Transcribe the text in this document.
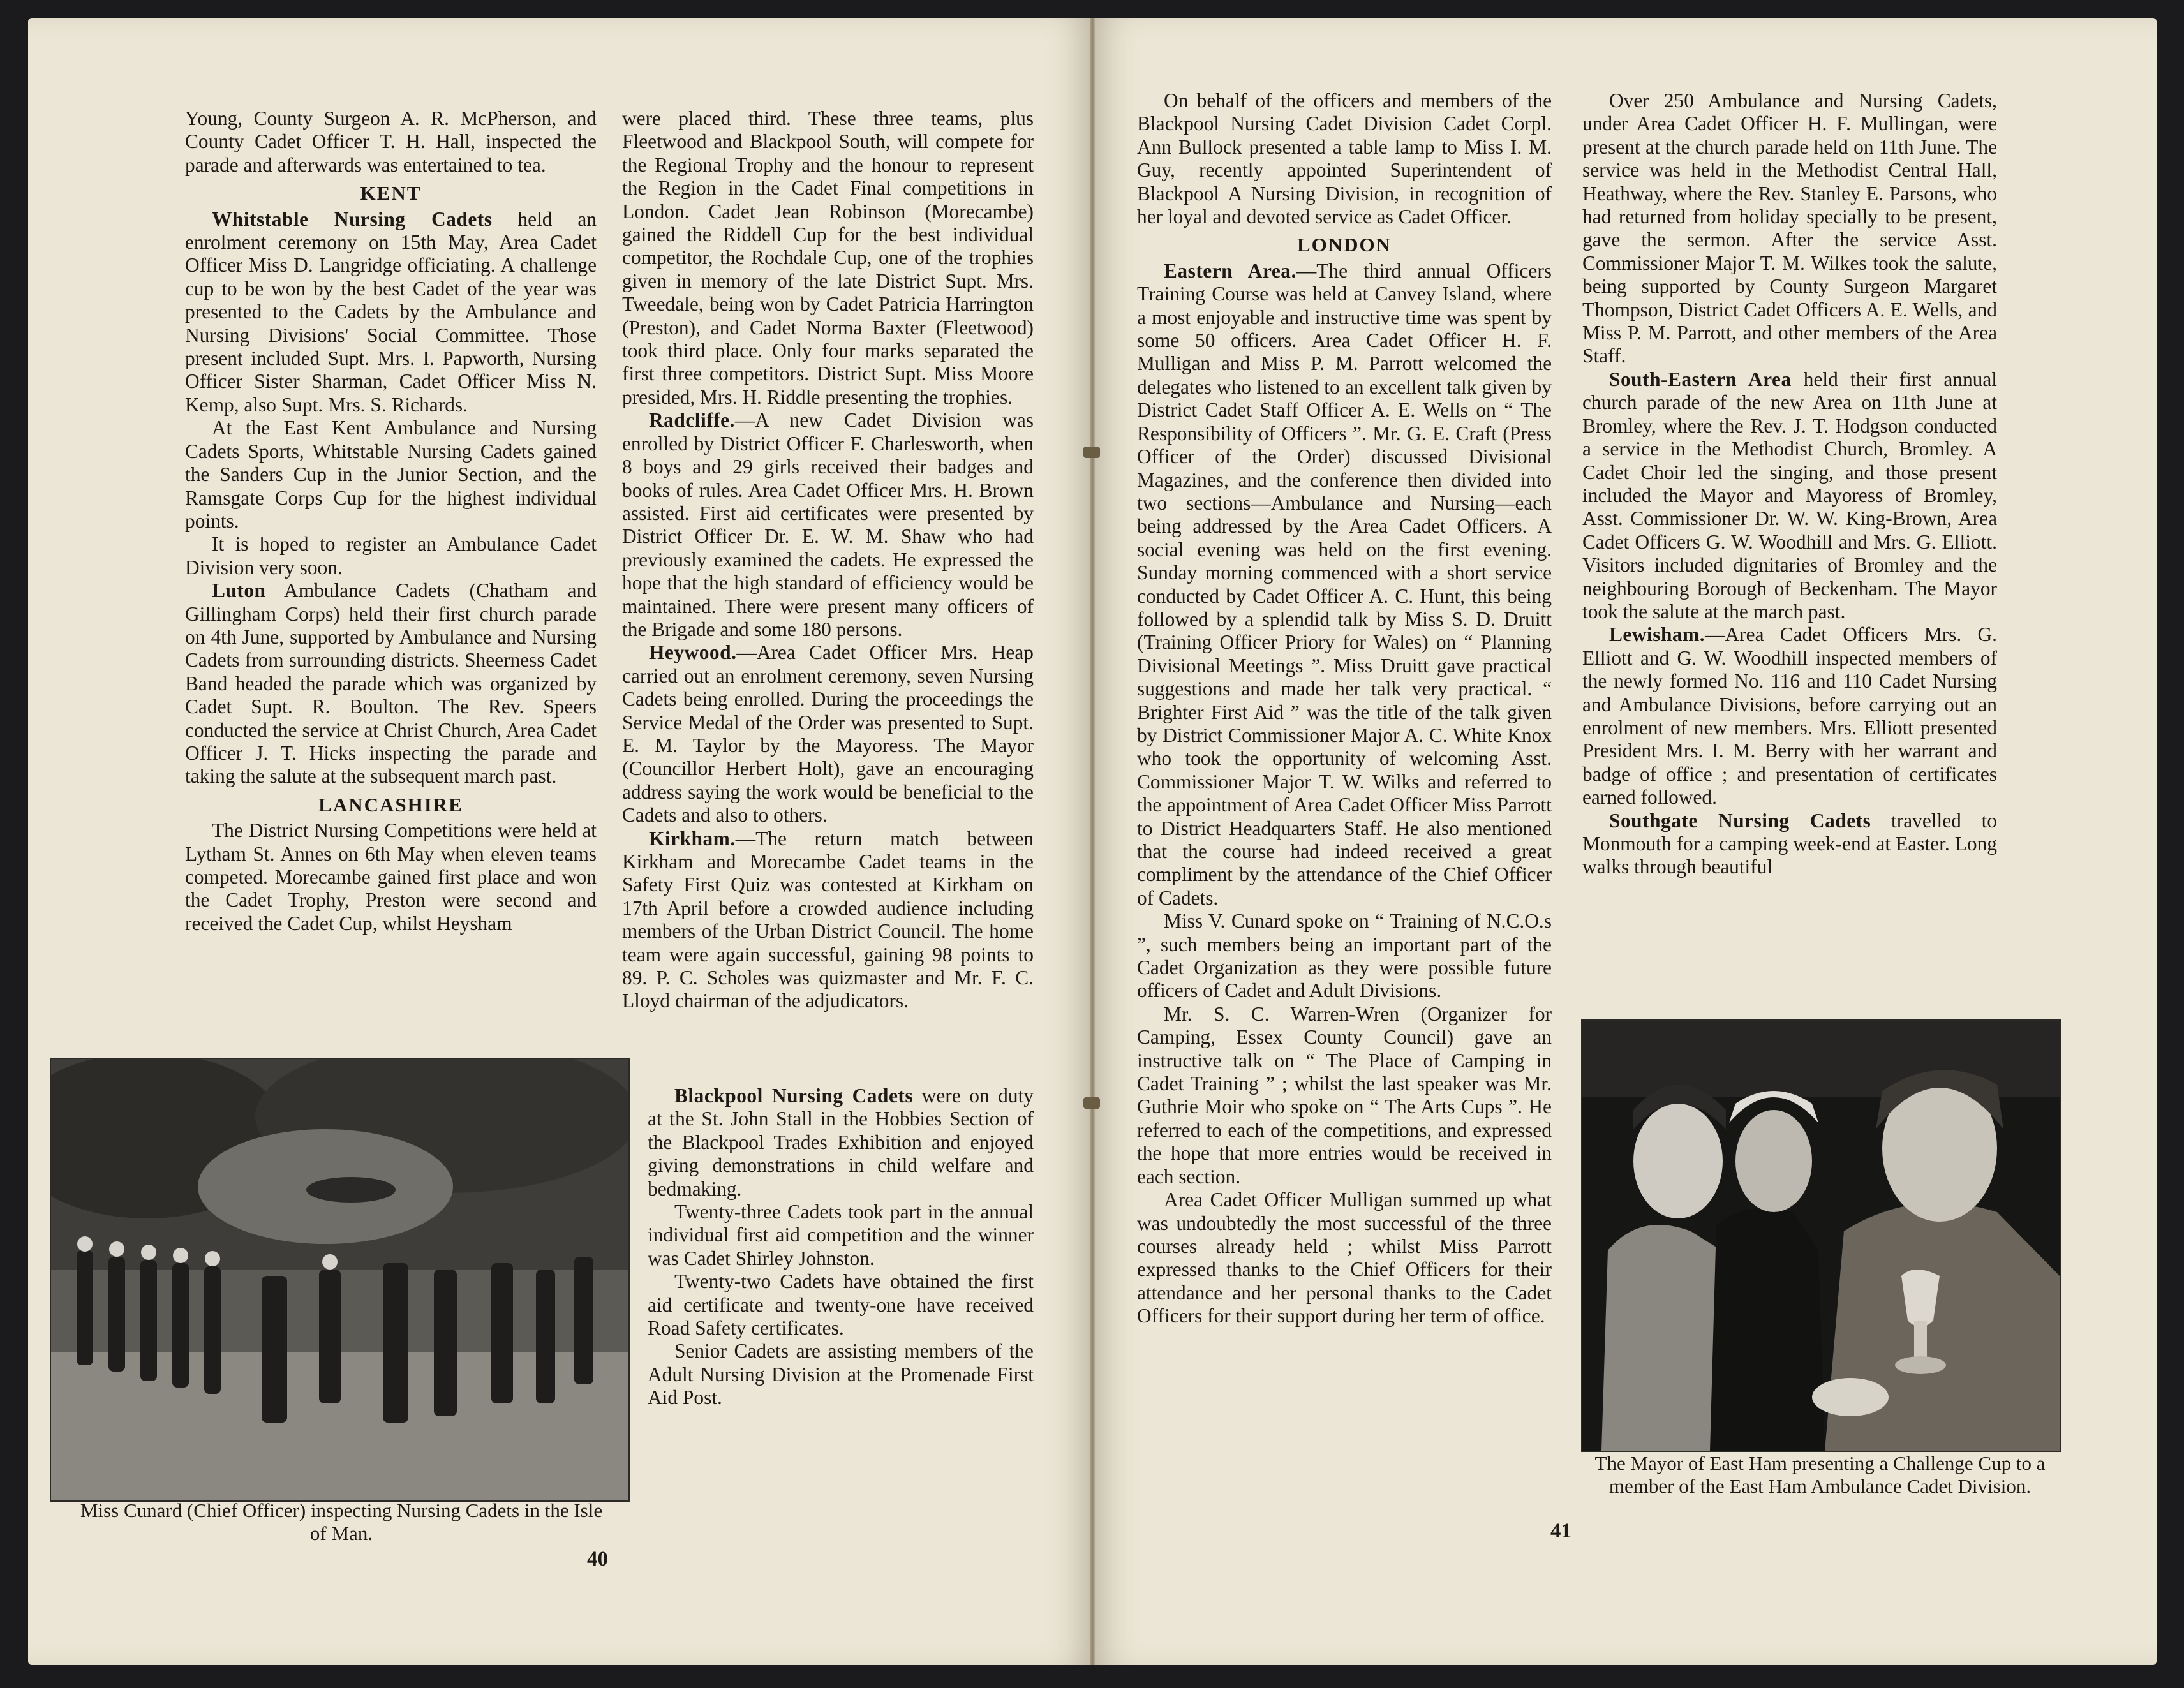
Young, County Surgeon A. R. McPherson, and County Cadet Officer T. H. Hall, inspected the parade and afterwards was entertained to tea.

KENT

Whitstable Nursing Cadets held an enrolment ceremony on 15th May, Area Cadet Officer Miss D. Langridge officiating. A challenge cup to be won by the best Cadet of the year was presented to the Cadets by the Ambulance and Nursing Divisions' Social Committee. Those present included Supt. Mrs. I. Papworth, Nursing Officer Sister Sharman, Cadet Officer Miss N. Kemp, also Supt. Mrs. S. Richards.

At the East Kent Ambulance and Nursing Cadets Sports, Whitstable Nursing Cadets gained the Sanders Cup in the Junior Section, and the Ramsgate Corps Cup for the highest individual points.

It is hoped to register an Ambulance Cadet Division very soon.

Luton Ambulance Cadets (Chatham and Gillingham Corps) held their first church parade on 4th June, supported by Ambulance and Nursing Cadets from surrounding districts. Sheerness Cadet Band headed the parade which was organized by Cadet Supt. R. Boulton. The Rev. Speers conducted the service at Christ Church, Area Cadet Officer J. T. Hicks inspecting the parade and taking the salute at the subsequent march past.

LANCASHIRE

The District Nursing Competitions were held at Lytham St. Annes on 6th May when eleven teams competed. Morecambe gained first place and won the Cadet Trophy, Preston were second and received the Cadet Cup, whilst Heysham

were placed third. These three teams, plus Fleetwood and Blackpool South, will compete for the Regional Trophy and the honour to represent the Region in the Cadet Final competitions in London. Cadet Jean Robinson (Morecambe) gained the Riddell Cup for the best individual competitor, the Rochdale Cup, one of the trophies given in memory of the late District Supt. Mrs. Tweedale, being won by Cadet Patricia Harrington (Preston), and Cadet Norma Baxter (Fleetwood) took third place. Only four marks separated the first three competitors. District Supt. Miss Moore presided, Mrs. H. Riddle presenting the trophies.

Radcliffe.—A new Cadet Division was enrolled by District Officer F. Charlesworth, when 8 boys and 29 girls received their badges and books of rules. Area Cadet Officer Mrs. H. Brown assisted. First aid certificates were presented by District Officer Dr. E. W. M. Shaw who had previously examined the cadets. He expressed the hope that the high standard of efficiency would be maintained. There were present many officers of the Brigade and some 180 persons.

Heywood.—Area Cadet Officer Mrs. Heap carried out an enrolment ceremony, seven Nursing Cadets being enrolled. During the proceedings the Service Medal of the Order was presented to Supt. E. M. Taylor by the Mayoress. The Mayor (Councillor Herbert Holt), gave an encouraging address saying the work would be beneficial to the Cadets and also to others.

Kirkham.—The return match between Kirkham and Morecambe Cadet teams in the Safety First Quiz was contested at Kirkham on 17th April before a crowded audience including members of the Urban District Council. The home team were again successful, gaining 98 points to 89. P. C. Scholes was quizmaster and Mr. F. C. Lloyd chairman of the adjudicators.

Blackpool Nursing Cadets were on duty at the St. John Stall in the Hobbies Section of the Blackpool Trades Exhibition and enjoyed giving demonstrations in child welfare and bedmaking.

Twenty-three Cadets took part in the annual individual first aid competition and the winner was Cadet Shirley Johnston.

Twenty-two Cadets have obtained the first aid certificate and twenty-one have received Road Safety certificates.

Senior Cadets are assisting members of the Adult Nursing Division at the Promenade First Aid Post.

Miss Cunard (Chief Officer) inspecting Nursing Cadets in the Isle of Man.
40

On behalf of the officers and members of the Blackpool Nursing Cadet Division Cadet Corpl. Ann Bullock presented a table lamp to Miss I. M. Guy, recently appointed Superintendent of Blackpool A Nursing Division, in recognition of her loyal and devoted service as Cadet Officer.

LONDON

Eastern Area.—The third annual Officers Training Course was held at Canvey Island, where a most enjoyable and instructive time was spent by some 50 officers. Area Cadet Officer H. F. Mulligan and Miss P. M. Parrott welcomed the delegates who listened to an excellent talk given by District Cadet Staff Officer A. E. Wells on “ The Responsibility of Officers ”. Mr. G. E. Craft (Press Officer of the Order) discussed Divisional Magazines, and the conference then divided into two sections—Ambulance and Nursing—each being addressed by the Area Cadet Officers. A social evening was held on the first evening. Sunday morning commenced with a short service conducted by Cadet Officer A. C. Hunt, this being followed by a splendid talk by Miss S. D. Druitt (Training Officer Priory for Wales) on “ Planning Divisional Meetings ”. Miss Druitt gave practical suggestions and made her talk very practical. “ Brighter First Aid ” was the title of the talk given by District Commissioner Major A. C. White Knox who took the opportunity of welcoming Asst. Commissioner Major T. W. Wilks and referred to the appointment of Area Cadet Officer Miss Parrott to District Headquarters Staff. He also mentioned that the course had indeed received a great compliment by the attendance of the Chief Officer of Cadets.

Miss V. Cunard spoke on “ Training of N.C.O.s ”, such members being an important part of the Cadet Organization as they were possible future officers of Cadet and Adult Divisions.

Mr. S. C. Warren-Wren (Organizer for Camping, Essex County Council) gave an instructive talk on “ The Place of Camping in Cadet Training ” ; whilst the last speaker was Mr. Guthrie Moir who spoke on “ The Arts Cups ”. He referred to each of the competitions, and expressed the hope that more entries would be received in each section.

Area Cadet Officer Mulligan summed up what was undoubtedly the most successful of the three courses already held ; whilst Miss Parrott expressed thanks to the Chief Officers for their attendance and her personal thanks to the Cadet Officers for their support during her term of office.

Over 250 Ambulance and Nursing Cadets, under Area Cadet Officer H. F. Mullingan, were present at the church parade held on 11th June. The service was held in the Methodist Central Hall, Heathway, where the Rev. Stanley E. Parsons, who had returned from holiday specially to be present, gave the sermon. After the service Asst. Commissioner Major T. M. Wilkes took the salute, being supported by County Surgeon Margaret Thompson, District Cadet Officers A. E. Wells, and Miss P. M. Parrott, and other members of the Area Staff.

South-Eastern Area held their first annual church parade of the new Area on 11th June at Bromley, where the Rev. J. T. Hodgson conducted a service in the Methodist Church, Bromley. A Cadet Choir led the singing, and those present included the Mayor and Mayoress of Bromley, Asst. Commissioner Dr. W. W. King-Brown, Area Cadet Officers G. W. Woodhill and Mrs. G. Elliott. Visitors included dignitaries of Bromley and the neighbouring Borough of Beckenham. The Mayor took the salute at the march past.

Lewisham.—Area Cadet Officers Mrs. G. Elliott and G. W. Woodhill inspected members of the newly formed No. 116 and 110 Cadet Nursing and Ambulance Divisions, before carrying out an enrolment of new members. Mrs. Elliott presented President Mrs. I. M. Berry with her warrant and badge of office ; and presentation of certificates earned followed.

Southgate Nursing Cadets travelled to Monmouth for a camping week-end at Easter. Long walks through beautiful

The Mayor of East Ham presenting a Challenge Cup to a member of the East Ham Ambulance Cadet Division.
41
